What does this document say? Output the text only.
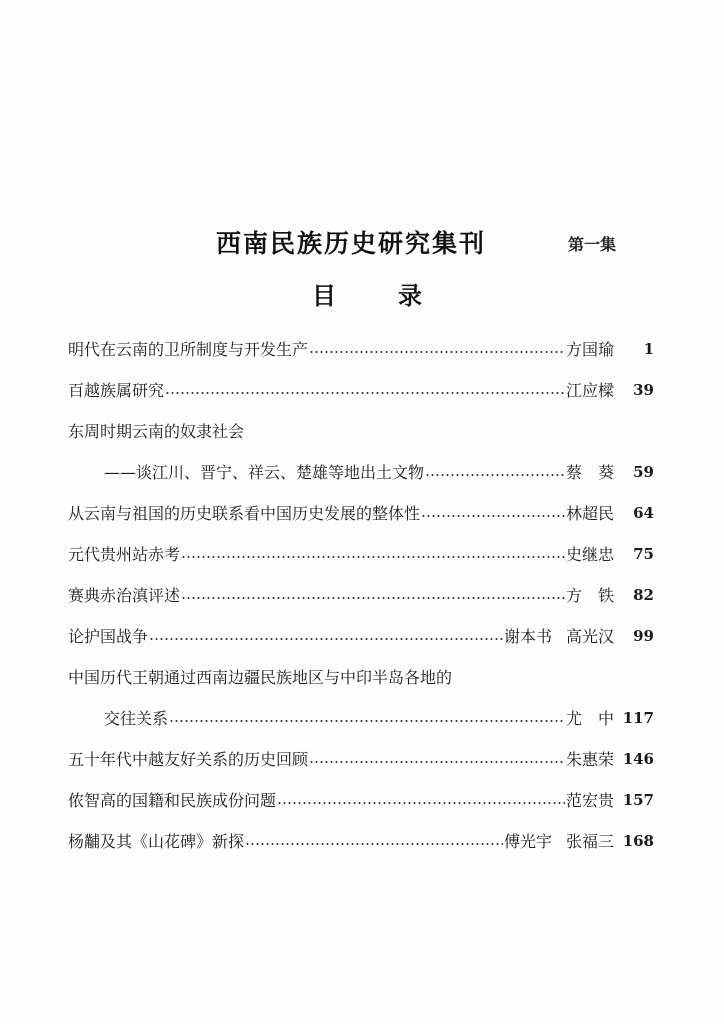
西南民族历史研究集刊	第一集
目	录
明代在云南的卫所制度与开发生产	方国瑜	1
百越族属研究	江应樑	39
东周时期云南的奴隶社会
——谈江川、晋宁、祥云、楚雄等地出土文物	蔡　葵	59
从云南与祖国的历史联系看中国历史发展的整体性	林超民	64
元代贵州站赤考	史继忠	75
赛典赤治滇评述	方　铁	82
论护国战争	谢本书 高光汉	99
中国历代王朝通过西南边疆民族地区与中印半岛各地的
交往关系	尤　中 117
五十年代中越友好关系的历史回顾	朱惠荣 146
侬智高的国籍和民族成份问题	范宏贵 157
杨黼及其《山花碑》新探	傅光宇 张福三 168
